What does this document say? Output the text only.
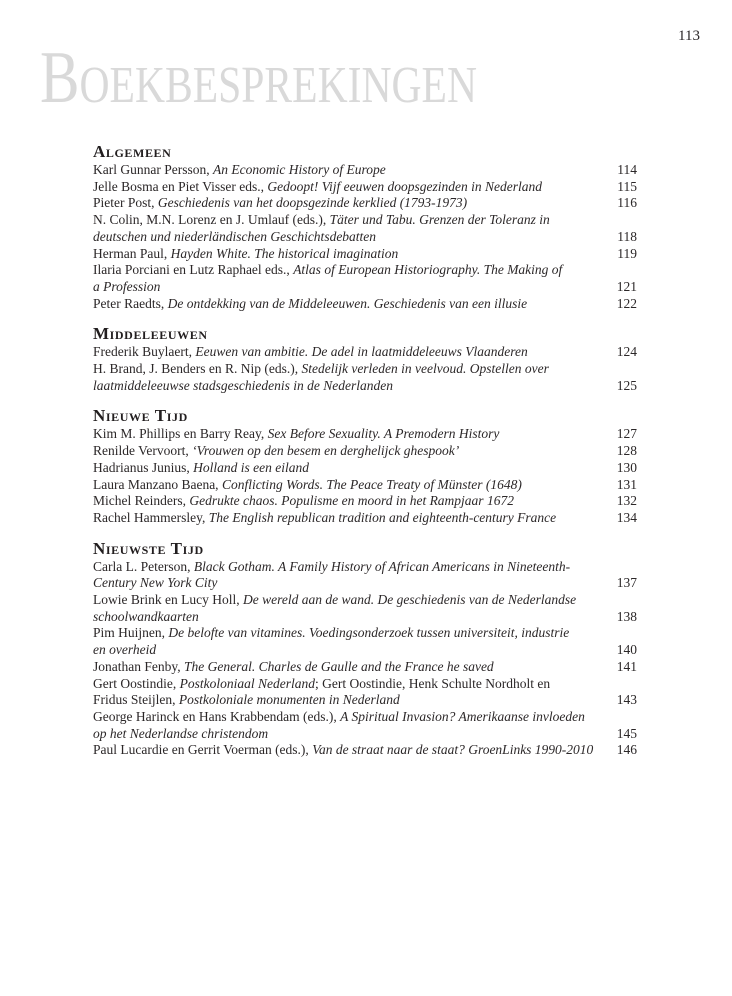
113
Boekbesprekingen
Algemeen
Karl Gunnar Persson, An Economic History of Europe	114
Jelle Bosma en Piet Visser eds., Gedoopt! Vijf eeuwen doopsgezinden in Nederland	115
Pieter Post, Geschiedenis van het doopsgezinde kerklied (1793-1973)	116
N. Colin, M.N. Lorenz en J. Umlauf (eds.), Täter und Tabu. Grenzen der Toleranz in
deutschen und niederländischen Geschichtsdebatten	118
Herman Paul, Hayden White. The historical imagination	119
Ilaria Porciani en Lutz Raphael eds., Atlas of European Historiography. The Making of
a Profession	121
Peter Raedts, De ontdekking van de Middeleeuwen. Geschiedenis van een illusie	122
Middeleeuwen
Frederik Buylaert, Eeuwen van ambitie. De adel in laatmiddeleeuws Vlaanderen	124
H. Brand, J. Benders en R. Nip (eds.), Stedelijk verleden in veelvoud. Opstellen over
laatmiddeleeuwse stadsgeschiedenis in de Nederlanden	125
Nieuwe Tijd
Kim M. Phillips en Barry Reay, Sex Before Sexuality. A Premodern History	127
Renilde Vervoort, ‘Vrouwen op den besem en derghelijck ghespook’	128
Hadrianus Junius, Holland is een eiland	130
Laura Manzano Baena, Conflicting Words. The Peace Treaty of Münster (1648)	131
Michel Reinders, Gedrukte chaos. Populisme en moord in het Rampjaar 1672	132
Rachel Hammersley, The English republican tradition and eighteenth-century France	134
Nieuwste Tijd
Carla L. Peterson, Black Gotham. A Family History of African Americans in Nineteenth-
Century New York City	137
Lowie Brink en Lucy Holl, De wereld aan de wand. De geschiedenis van de Nederlandse
schoolwandkaarten	138
Pim Huijnen, De belofte van vitamines. Voedingsonderzoek tussen universiteit, industrie
en overheid	140
Jonathan Fenby, The General. Charles de Gaulle and the France he saved	141
Gert Oostindie, Postkoloniaal Nederland; Gert Oostindie, Henk Schulte Nordholt en
Fridus Steijlen, Postkoloniale monumenten in Nederland	143
George Harinck en Hans Krabbendam (eds.), A Spiritual Invasion? Amerikaanse invloeden
op het Nederlandse christendom	145
Paul Lucardie en Gerrit Voerman (eds.), Van de straat naar de staat? GroenLinks 1990-2010	146
